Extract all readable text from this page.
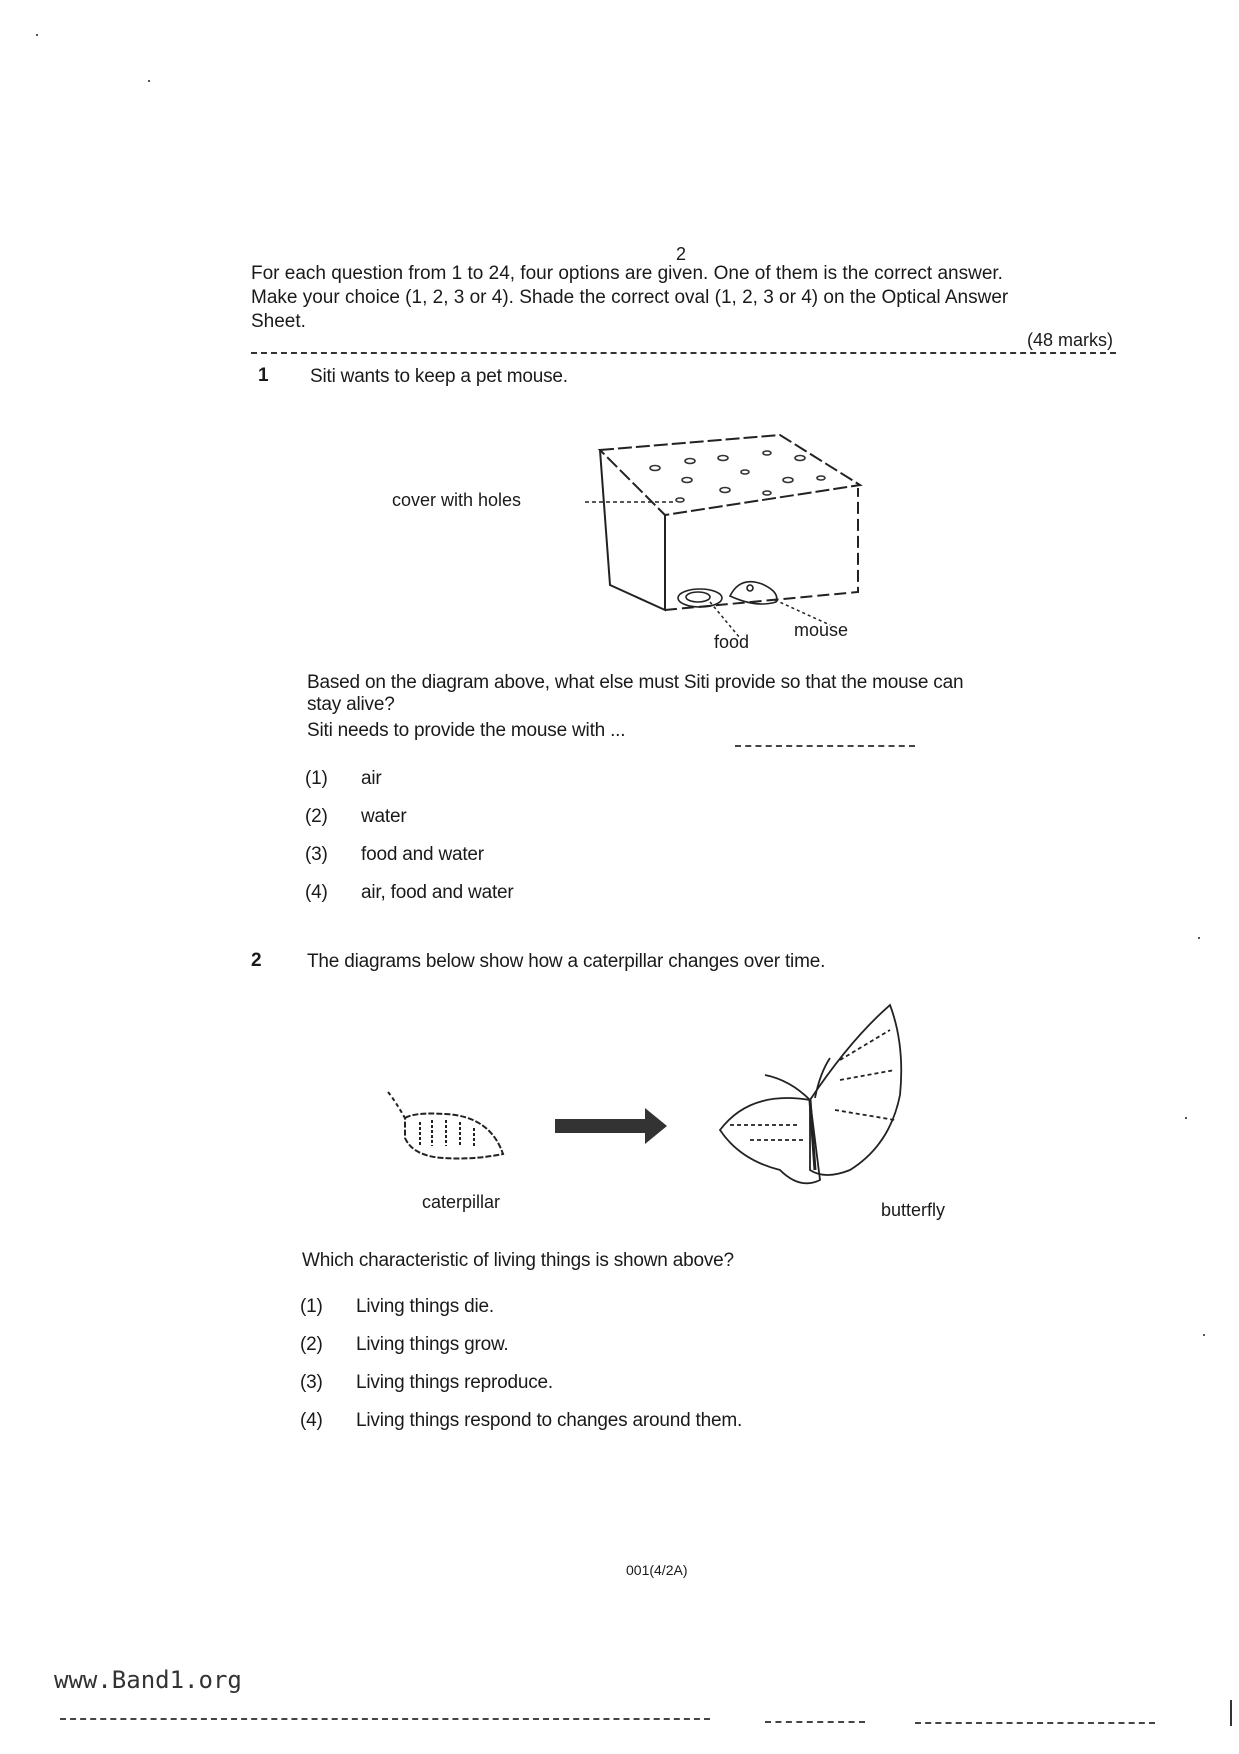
2

For each question from 1 to 24, four options are given. One of them is the correct answer.

Make your choice (1, 2, 3 or 4). Shade the correct oval (1, 2, 3 or 4) on the Optical Answer

Sheet.

(48 marks)
1 Siti wants to keep a pet mouse.
cover with holes
food
mouse
Based on the diagram above, what else must Siti provide so that the mouse can
stay alive?
Siti needs to provide the mouse with ...
(1) air
(2) water
(3) food and water
(4) air, food and water
2 The diagrams below show how a caterpillar changes over time.
caterpillar	butterfly
Which characteristic of living things is shown above?
(1) Living things die.
(2) Living things grow.
(3) Living things reproduce.
(4) Living things respond to changes around them.
001(4/2A)
www.Band1.org
